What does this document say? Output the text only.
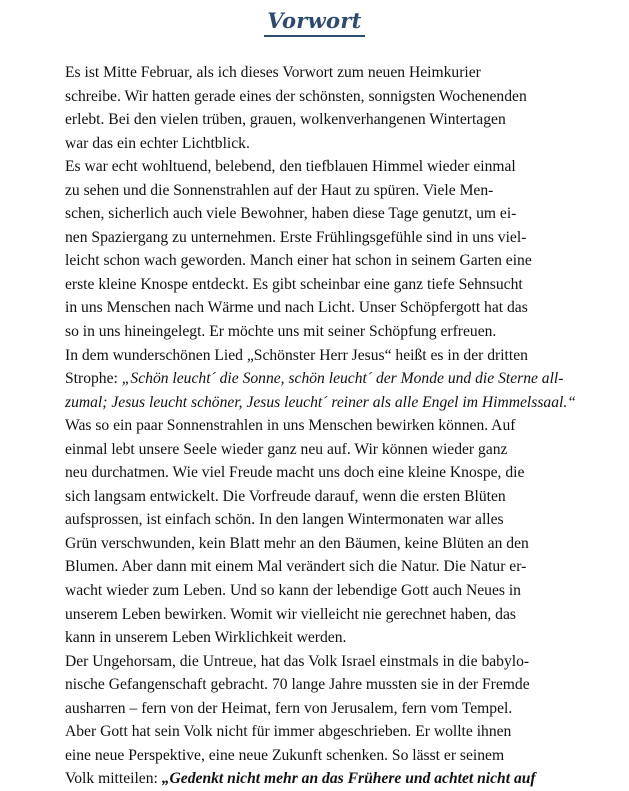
Vorwort
Es ist Mitte Februar, als ich dieses Vorwort zum neuen Heimkurier
schreibe. Wir hatten gerade eines der schönsten, sonnigsten Wochenenden
erlebt. Bei den vielen trüben, grauen, wolkenverhangenen Wintertagen
war das ein echter Lichtblick.
Es war echt wohltuend, belebend, den tiefblauen Himmel wieder einmal
zu sehen und die Sonnenstrahlen auf der Haut zu spüren. Viele Men-
schen, sicherlich auch viele Bewohner, haben diese Tage genutzt, um ei-
nen Spaziergang zu unternehmen. Erste Frühlingsgefühle sind in uns viel-
leicht schon wach geworden. Manch einer hat schon in seinem Garten eine
erste kleine Knospe entdeckt. Es gibt scheinbar eine ganz tiefe Sehnsucht
in uns Menschen nach Wärme und nach Licht. Unser Schöpfergott hat das
so in uns hineingelegt. Er möchte uns mit seiner Schöpfung erfreuen.
In dem wunderschönen Lied „Schönster Herr Jesus“ heißt es in der dritten
Strophe: „Schön leucht´ die Sonne, schön leucht´ der Monde und die Sterne all-
zumal; Jesus leucht schöner, Jesus leucht´ reiner als alle Engel im Himmelssaal.“
Was so ein paar Sonnenstrahlen in uns Menschen bewirken können. Auf
einmal lebt unsere Seele wieder ganz neu auf. Wir können wieder ganz
neu durchatmen. Wie viel Freude macht uns doch eine kleine Knospe, die
sich langsam entwickelt. Die Vorfreude darauf, wenn die ersten Blüten
aufsprossen, ist einfach schön. In den langen Wintermonaten war alles
Grün verschwunden, kein Blatt mehr an den Bäumen, keine Blüten an den
Blumen. Aber dann mit einem Mal verändert sich die Natur. Die Natur er-
wacht wieder zum Leben. Und so kann der lebendige Gott auch Neues in
unserem Leben bewirken. Womit wir vielleicht nie gerechnet haben, das
kann in unserem Leben Wirklichkeit werden.
Der Ungehorsam, die Untreue, hat das Volk Israel einstmals in die babylo-
nische Gefangenschaft gebracht. 70 lange Jahre mussten sie in der Fremde
ausharren – fern von der Heimat, fern von Jerusalem, fern vom Tempel.
Aber Gott hat sein Volk nicht für immer abgeschrieben. Er wollte ihnen
eine neue Perspektive, eine neue Zukunft schenken. So lässt er seinem
Volk mitteilen: „Gedenkt nicht mehr an das Frühere und achtet nicht auf
